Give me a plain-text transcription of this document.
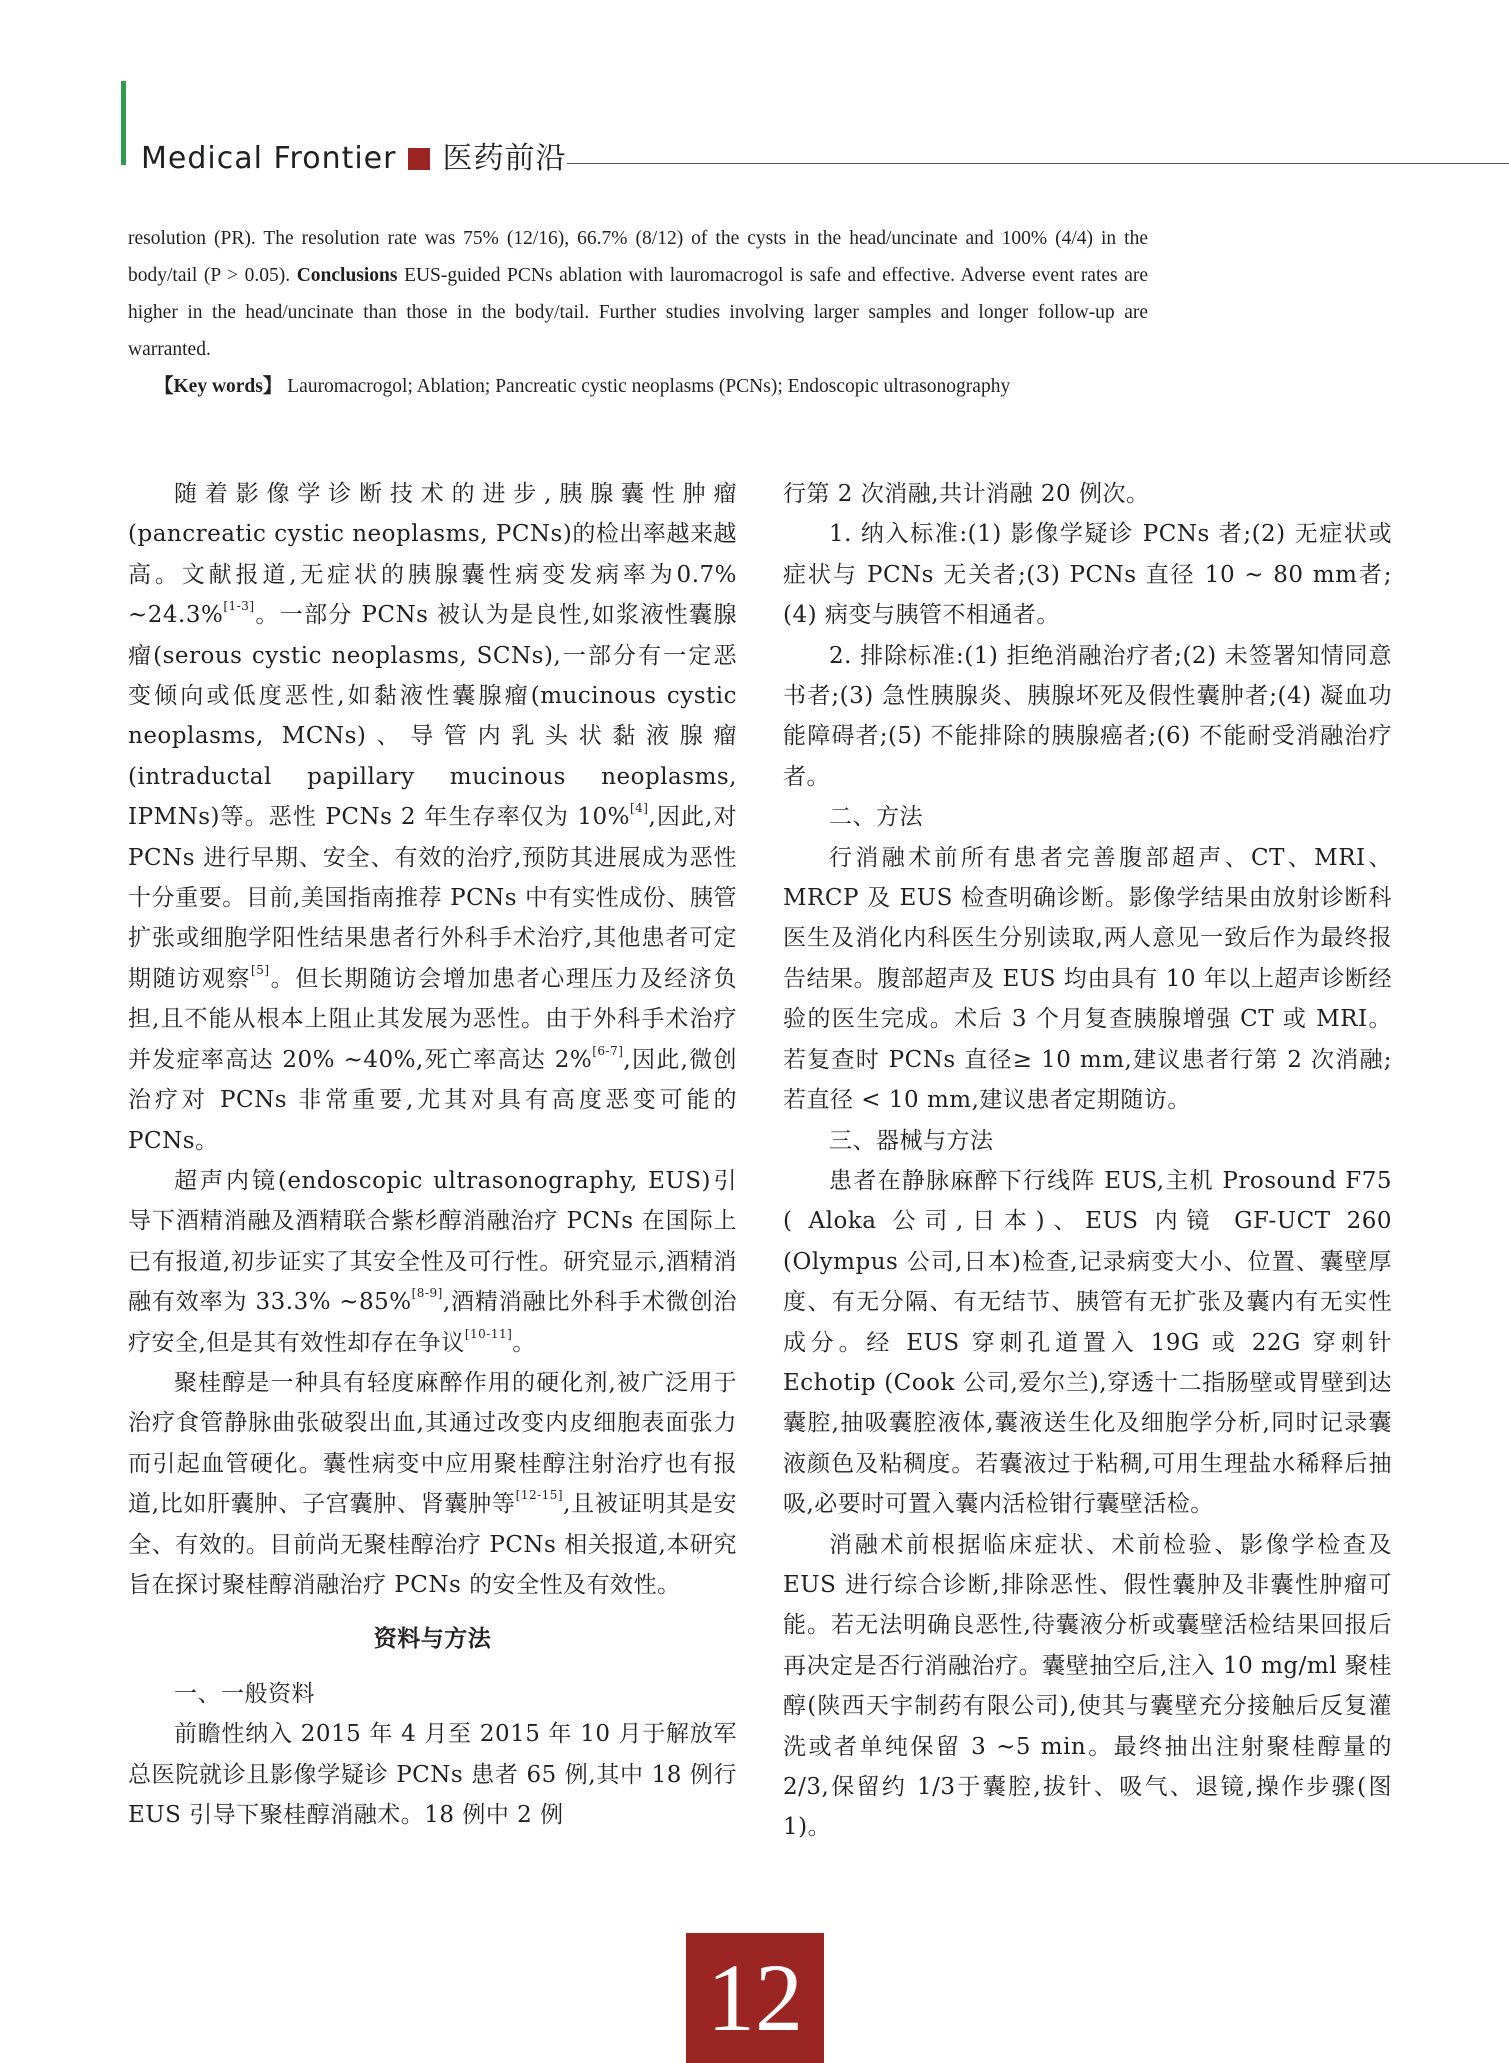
Medical Frontier 医药前沿

resolution (PR). The resolution rate was 75% (12/16), 66.7% (8/12) of the cysts in the head/uncinate and 100% (4/4) in the body/tail (P > 0.05). Conclusions EUS-guided PCNs ablation with lauromacrogol is safe and effective. Adverse event rates are higher in the head/uncinate than those in the body/tail. Further studies involving larger samples and longer follow-up are warranted.

【Key words】 Lauromacrogol; Ablation; Pancreatic cystic neoplasms (PCNs); Endoscopic ultrasonography

随着影像学诊断技术的进步,胰腺囊性肿瘤(pancreatic cystic neoplasms, PCNs)的检出率越来越高。文献报道,无症状的胰腺囊性病变发病率为0.7% ~24.3%[1-3]。一部分 PCNs 被认为是良性,如浆液性囊腺瘤(serous cystic neoplasms, SCNs),一部分有一定恶变倾向或低度恶性,如黏液性囊腺瘤(mucinous cystic neoplasms, MCNs)、导管内乳头状黏液腺瘤(intraductal papillary mucinous neoplasms, IPMNs)等。恶性 PCNs 2 年生存率仅为 10%[4],因此,对 PCNs 进行早期、安全、有效的治疗,预防其进展成为恶性十分重要。目前,美国指南推荐 PCNs 中有实性成份、胰管扩张或细胞学阳性结果患者行外科手术治疗,其他患者可定期随访观察[5]。但长期随访会增加患者心理压力及经济负担,且不能从根本上阻止其发展为恶性。由于外科手术治疗并发症率高达 20% ~40%,死亡率高达 2%[6-7],因此,微创治疗对 PCNs 非常重要,尤其对具有高度恶变可能的 PCNs。

超声内镜(endoscopic ultrasonography, EUS)引导下酒精消融及酒精联合紫杉醇消融治疗 PCNs 在国际上已有报道,初步证实了其安全性及可行性。研究显示,酒精消融有效率为 33.3% ~85%[8-9],酒精消融比外科手术微创治疗安全,但是其有效性却存在争议[10-11]。

聚桂醇是一种具有轻度麻醉作用的硬化剂,被广泛用于治疗食管静脉曲张破裂出血,其通过改变内皮细胞表面张力而引起血管硬化。囊性病变中应用聚桂醇注射治疗也有报道,比如肝囊肿、子宫囊肿、肾囊肿等[12-15],且被证明其是安全、有效的。目前尚无聚桂醇治疗 PCNs 相关报道,本研究旨在探讨聚桂醇消融治疗 PCNs 的安全性及有效性。

资料与方法

一、一般资料

前瞻性纳入 2015 年 4 月至 2015 年 10 月于解放军总医院就诊且影像学疑诊 PCNs 患者 65 例,其中 18 例行 EUS 引导下聚桂醇消融术。18 例中 2 例

行第 2 次消融,共计消融 20 例次。

1. 纳入标准:(1) 影像学疑诊 PCNs 者;(2) 无症状或症状与 PCNs 无关者;(3) PCNs 直径 10 ~ 80 mm者;(4) 病变与胰管不相通者。

2. 排除标准:(1) 拒绝消融治疗者;(2) 未签署知情同意书者;(3) 急性胰腺炎、胰腺坏死及假性囊肿者;(4) 凝血功能障碍者;(5) 不能排除的胰腺癌者;(6) 不能耐受消融治疗者。

二、方法

行消融术前所有患者完善腹部超声、CT、MRI、MRCP 及 EUS 检查明确诊断。影像学结果由放射诊断科医生及消化内科医生分别读取,两人意见一致后作为最终报告结果。腹部超声及 EUS 均由具有 10 年以上超声诊断经验的医生完成。术后 3 个月复查胰腺增强 CT 或 MRI。若复查时 PCNs 直径≥ 10 mm,建议患者行第 2 次消融;若直径 < 10 mm,建议患者定期随访。

三、器械与方法

患者在静脉麻醉下行线阵 EUS,主机 Prosound F75 ( Aloka 公司,日本)、EUS 内镜 GF-UCT 260 (Olympus 公司,日本)检查,记录病变大小、位置、囊壁厚度、有无分隔、有无结节、胰管有无扩张及囊内有无实性成分。经 EUS 穿刺孔道置入 19G 或 22G 穿刺针 Echotip (Cook 公司,爱尔兰),穿透十二指肠壁或胃壁到达囊腔,抽吸囊腔液体,囊液送生化及细胞学分析,同时记录囊液颜色及粘稠度。若囊液过于粘稠,可用生理盐水稀释后抽吸,必要时可置入囊内活检钳行囊壁活检。

消融术前根据临床症状、术前检验、影像学检查及 EUS 进行综合诊断,排除恶性、假性囊肿及非囊性肿瘤可能。若无法明确良恶性,待囊液分析或囊壁活检结果回报后再决定是否行消融治疗。囊壁抽空后,注入 10 mg/ml 聚桂醇(陕西天宇制药有限公司),使其与囊壁充分接触后反复灌洗或者单纯保留 3 ~5 min。最终抽出注射聚桂醇量的 2/3,保留约 1/3于囊腔,拔针、吸气、退镜,操作步骤(图 1)。

12
